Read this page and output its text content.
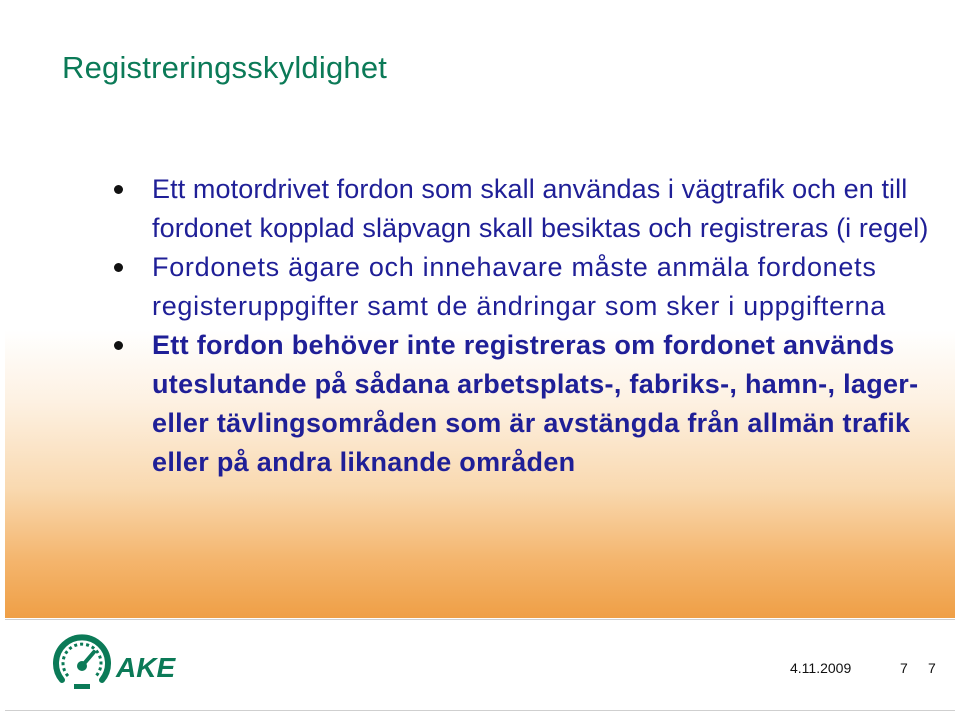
Registreringsskyldighet
Ett motordrivet fordon som skall användas i vägtrafik och en till fordonet kopplad släpvagn skall besiktas och registreras (i regel)
Fordonets ägare och innehavare måste anmäla fordonets registeruppgifter samt de ändringar som sker i uppgifterna
Ett fordon behöver inte registreras om fordonet används uteslutande på sådana arbetsplats-, fabriks-, hamn-, lager- eller tävlingsområden som är avstängda från allmän trafik eller på andra liknande områden
AKE	4.11.2009	7 7
